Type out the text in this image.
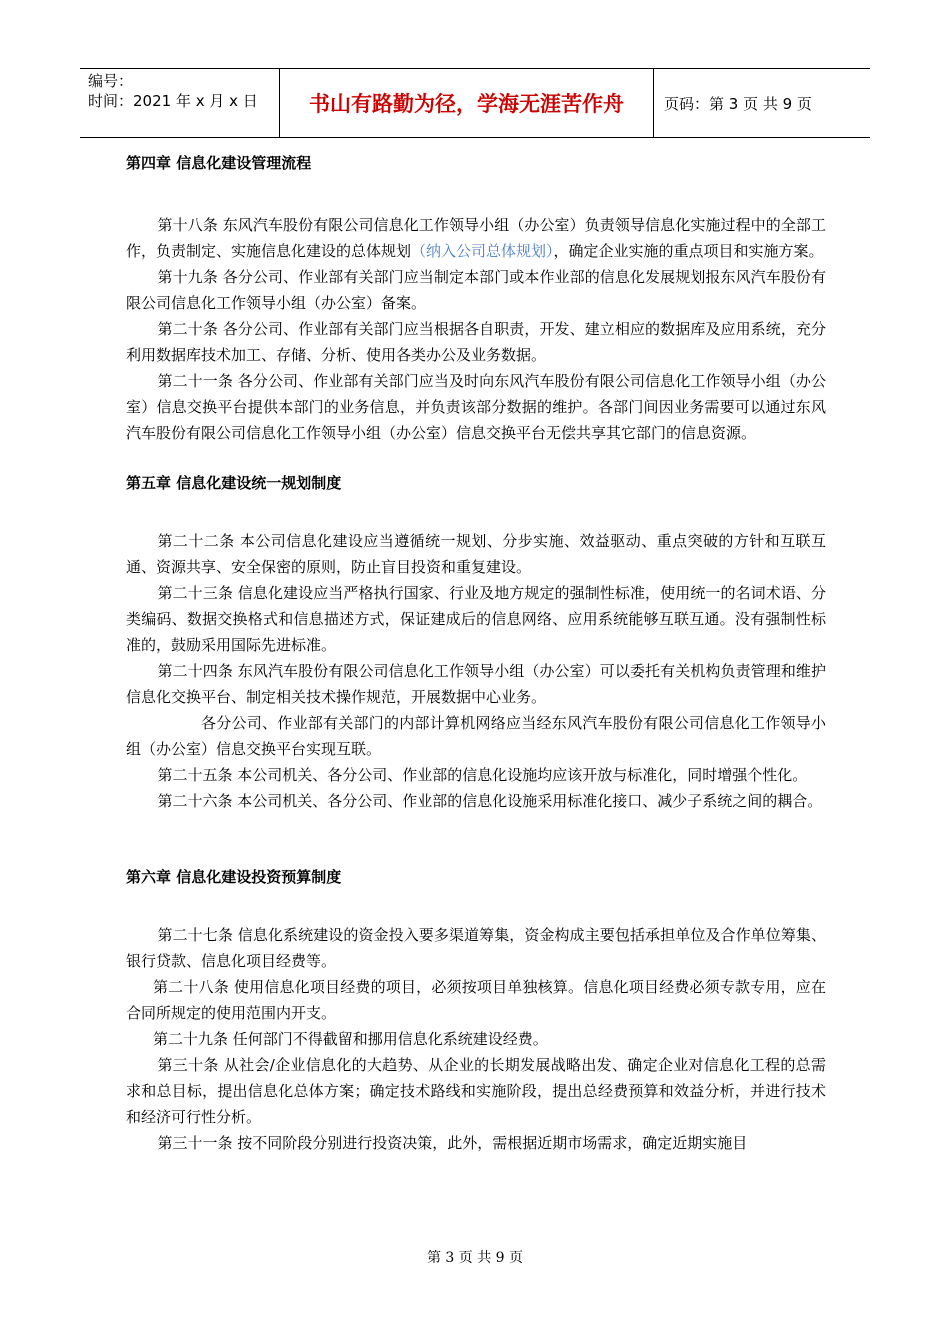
编号：
时间：2021 年 x 月 x 日	书山有路勤为径，学海无涯苦作舟	页码：第 3 页 共 9 页
第四章 信息化建设管理流程

第十八条 东风汽车股份有限公司信息化工作领导小组（办公室）负责领导信息化实施过程中的全部工作，负责制定、实施信息化建设的总体规划（纳入公司总体规划），确定企业实施的重点项目和实施方案。

第十九条 各分公司、作业部有关部门应当制定本部门或本作业部的信息化发展规划报东风汽车股份有限公司信息化工作领导小组（办公室）备案。

第二十条 各分公司、作业部有关部门应当根据各自职责，开发、建立相应的数据库及应用系统，充分利用数据库技术加工、存储、分析、使用各类办公及业务数据。

第二十一条 各分公司、作业部有关部门应当及时向东风汽车股份有限公司信息化工作领导小组（办公室）信息交换平台提供本部门的业务信息，并负责该部分数据的维护。各部门间因业务需要可以通过东风汽车股份有限公司信息化工作领导小组（办公室）信息交换平台无偿共享其它部门的信息资源。

第五章 信息化建设统一规划制度

第二十二条 本公司信息化建设应当遵循统一规划、分步实施、效益驱动、重点突破的方针和互联互通、资源共享、安全保密的原则，防止盲目投资和重复建设。

第二十三条 信息化建设应当严格执行国家、行业及地方规定的强制性标准，使用统一的名词术语、分类编码、数据交换格式和信息描述方式，保证建成后的信息网络、应用系统能够互联互通。没有强制性标准的，鼓励采用国际先进标准。

第二十四条 东风汽车股份有限公司信息化工作领导小组（办公室）可以委托有关机构负责管理和维护信息化交换平台、制定相关技术操作规范，开展数据中心业务。

各分公司、作业部有关部门的内部计算机网络应当经东风汽车股份有限公司信息化工作领导小组（办公室）信息交换平台实现互联。

第二十五条 本公司机关、各分公司、作业部的信息化设施均应该开放与标准化，同时增强个性化。

第二十六条 本公司机关、各分公司、作业部的信息化设施采用标准化接口、减少子系统之间的耦合。

第六章 信息化建设投资预算制度

第二十七条 信息化系统建设的资金投入要多渠道筹集，资金构成主要包括承担单位及合作单位筹集、银行贷款、信息化项目经费等。

第二十八条 使用信息化项目经费的项目，必须按项目单独核算。信息化项目经费必须专款专用，应在合同所规定的使用范围内开支。

第二十九条 任何部门不得截留和挪用信息化系统建设经费。

第三十条 从社会/企业信息化的大趋势、从企业的长期发展战略出发、确定企业对信息化工程的总需求和总目标，提出信息化总体方案；确定技术路线和实施阶段，提出总经费预算和效益分析，并进行技术和经济可行性分析。

第三十一条 按不同阶段分别进行投资决策，此外，需根据近期市场需求，确定近期实施目

第 3 页 共 9 页
